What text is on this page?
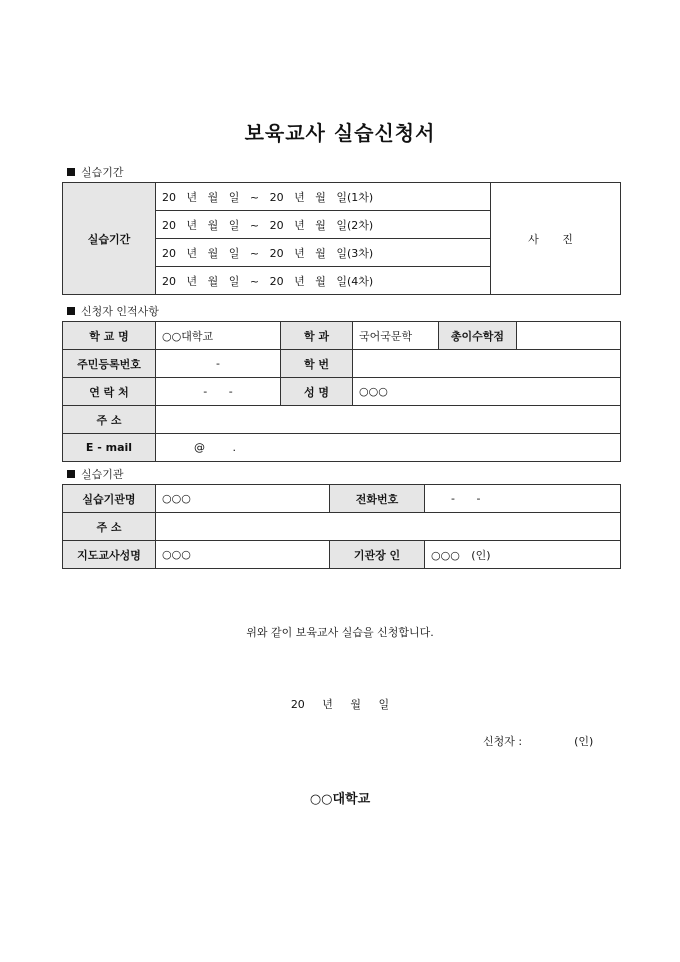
보육교사 실습신청서
실습기간
실습기간	20 년 월 일 ~ 20 년 월 일(1차)	사 진
20 년 월 일 ~ 20 년 월 일(2차)
20 년 월 일 ~ 20 년 월 일(3차)
20 년 월 일 ~ 20 년 월 일(4차)
신청자 인적사항
학 교 명	○○대학교	학 과	국어국문학	총이수학점	
주민등록번호	-	학 번			
연 락 처	- -	성 명	○○○		
주 소					
E - mail	@ .				
실습기관
실습기관명	○○○	전화번호	- -
주 소			
지도교사성명	○○○	기관장 인	○○○ (인)
위와 같이 보육교사 실습을 신청합니다.
20 년 월 일
신청자 :	(인)
○○대학교
